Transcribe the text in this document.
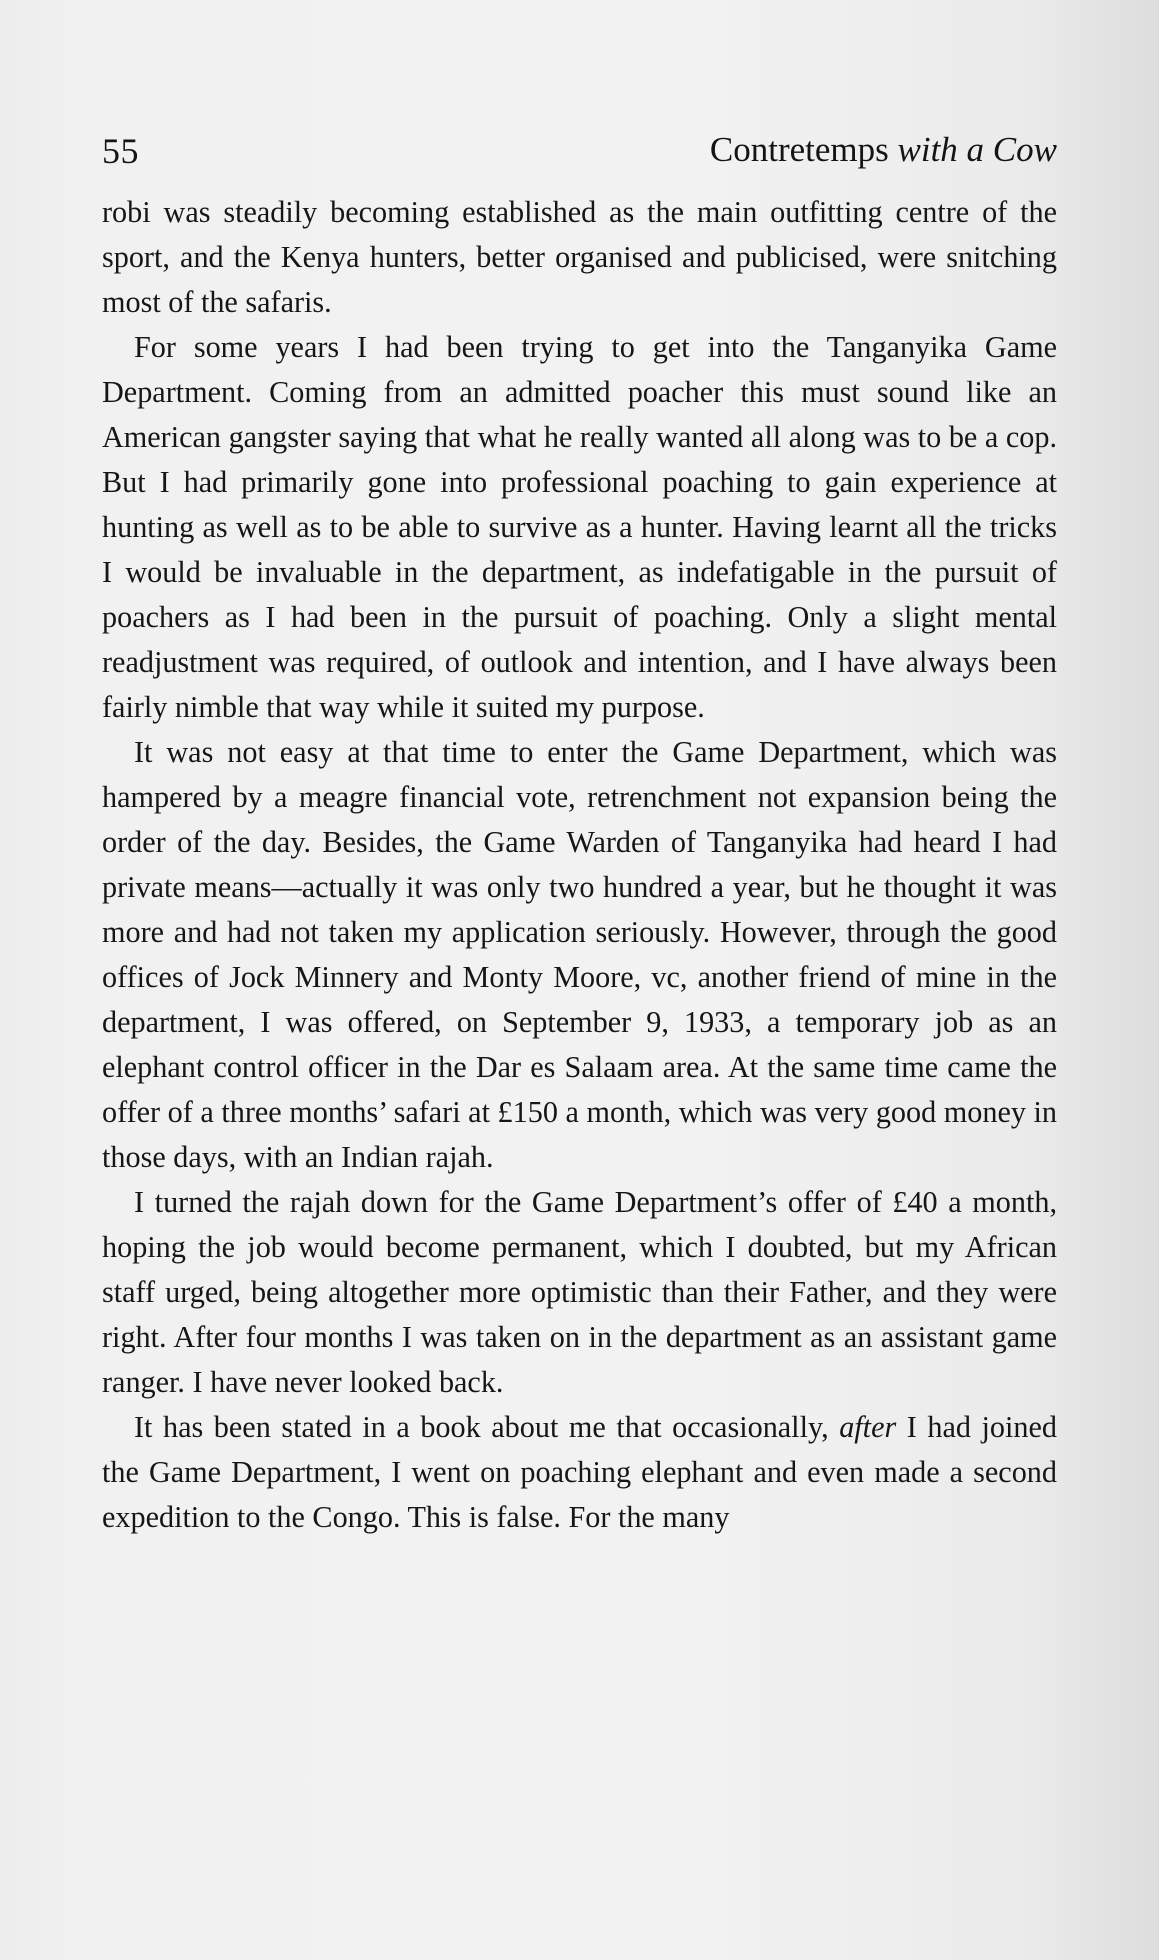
55	Contretemps with a Cow

robi was steadily becoming established as the main outfitting centre of the sport, and the Kenya hunters, better organised and publicised, were snitching most of the safaris.

For some years I had been trying to get into the Tanganyika Game Department. Coming from an admitted poacher this must sound like an American gangster saying that what he really wanted all along was to be a cop. But I had primarily gone into professional poaching to gain experience at hunting as well as to be able to survive as a hunter. Having learnt all the tricks I would be invaluable in the department, as indefatigable in the pursuit of poachers as I had been in the pursuit of poaching. Only a slight mental readjustment was required, of outlook and intention, and I have always been fairly nimble that way while it suited my purpose.

It was not easy at that time to enter the Game Department, which was hampered by a meagre financial vote, retrenchment not expansion being the order of the day. Besides, the Game Warden of Tanganyika had heard I had private means—actually it was only two hundred a year, but he thought it was more and had not taken my application seriously. However, through the good offices of Jock Minnery and Monty Moore, vc, another friend of mine in the department, I was offered, on September 9, 1933, a temporary job as an elephant control officer in the Dar es Salaam area. At the same time came the offer of a three months’ safari at £150 a month, which was very good money in those days, with an Indian rajah.

I turned the rajah down for the Game Department’s offer of £40 a month, hoping the job would become permanent, which I doubted, but my African staff urged, being altogether more optimistic than their Father, and they were right. After four months I was taken on in the department as an assistant game ranger. I have never looked back.

It has been stated in a book about me that occasionally, after I had joined the Game Department, I went on poaching elephant and even made a second expedition to the Congo. This is false. For the many
